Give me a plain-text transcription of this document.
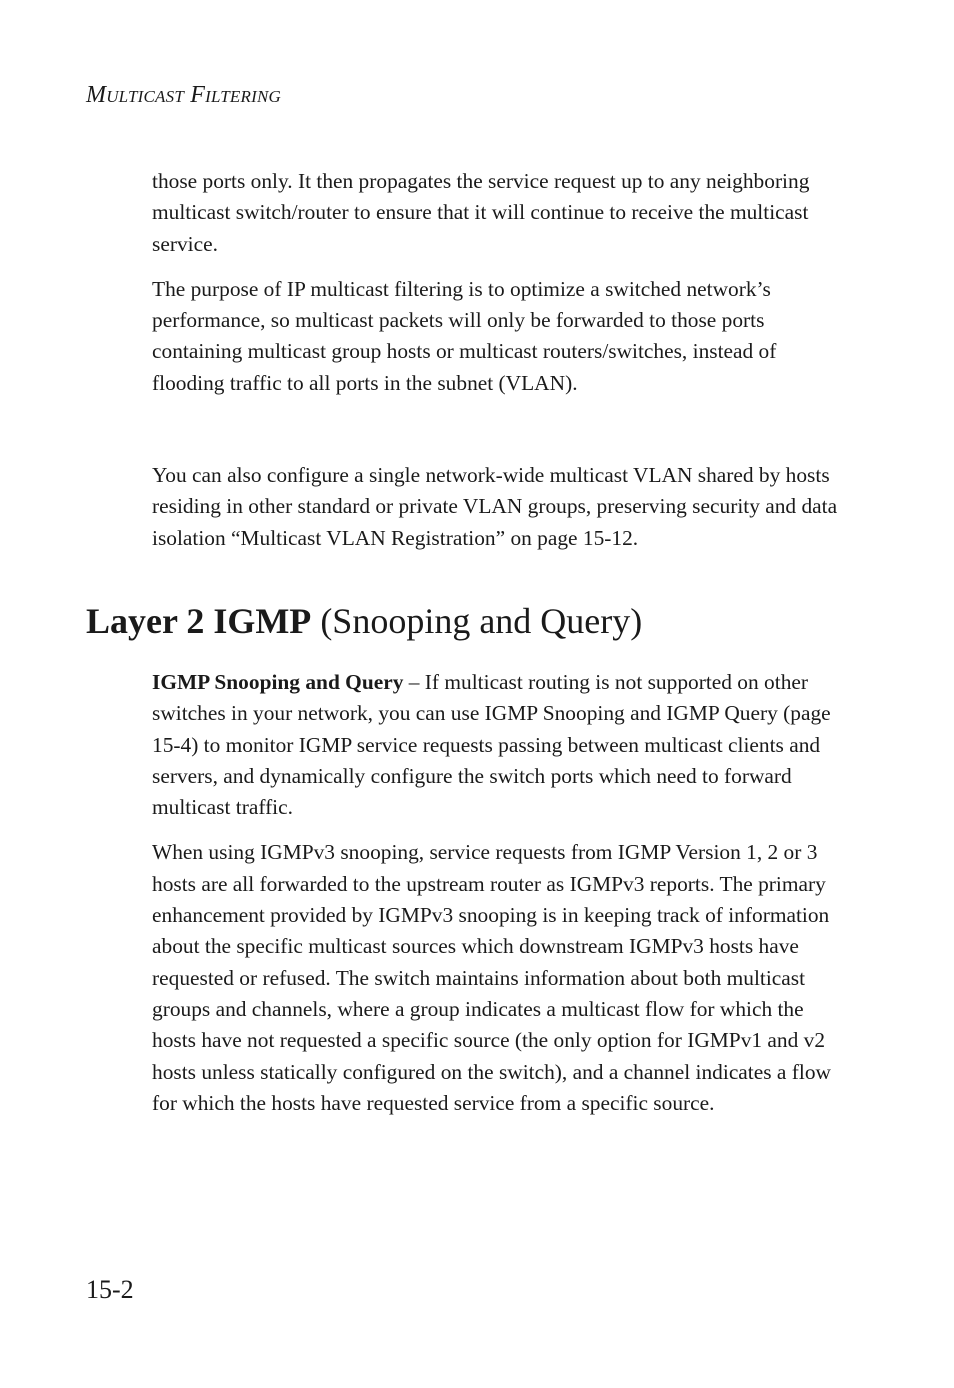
MULTICAST FILTERING

those ports only. It then propagates the service request up to any neighboring multicast switch/router to ensure that it will continue to receive the multicast service.

The purpose of IP multicast filtering is to optimize a switched network’s performance, so multicast packets will only be forwarded to those ports containing multicast group hosts or multicast routers/switches, instead of flooding traffic to all ports in the subnet (VLAN).

You can also configure a single network-wide multicast VLAN shared by hosts residing in other standard or private VLAN groups, preserving security and data isolation “Multicast VLAN Registration” on page 15-12.

Layer 2 IGMP (Snooping and Query)

IGMP Snooping and Query – If multicast routing is not supported on other switches in your network, you can use IGMP Snooping and IGMP Query (page 15-4) to monitor IGMP service requests passing between multicast clients and servers, and dynamically configure the switch ports which need to forward multicast traffic.

When using IGMPv3 snooping, service requests from IGMP Version 1, 2 or 3 hosts are all forwarded to the upstream router as IGMPv3 reports. The primary enhancement provided by IGMPv3 snooping is in keeping track of information about the specific multicast sources which downstream IGMPv3 hosts have requested or refused. The switch maintains information about both multicast groups and channels, where a group indicates a multicast flow for which the hosts have not requested a specific source (the only option for IGMPv1 and v2 hosts unless statically configured on the switch), and a channel indicates a flow for which the hosts have requested service from a specific source.

15-2
